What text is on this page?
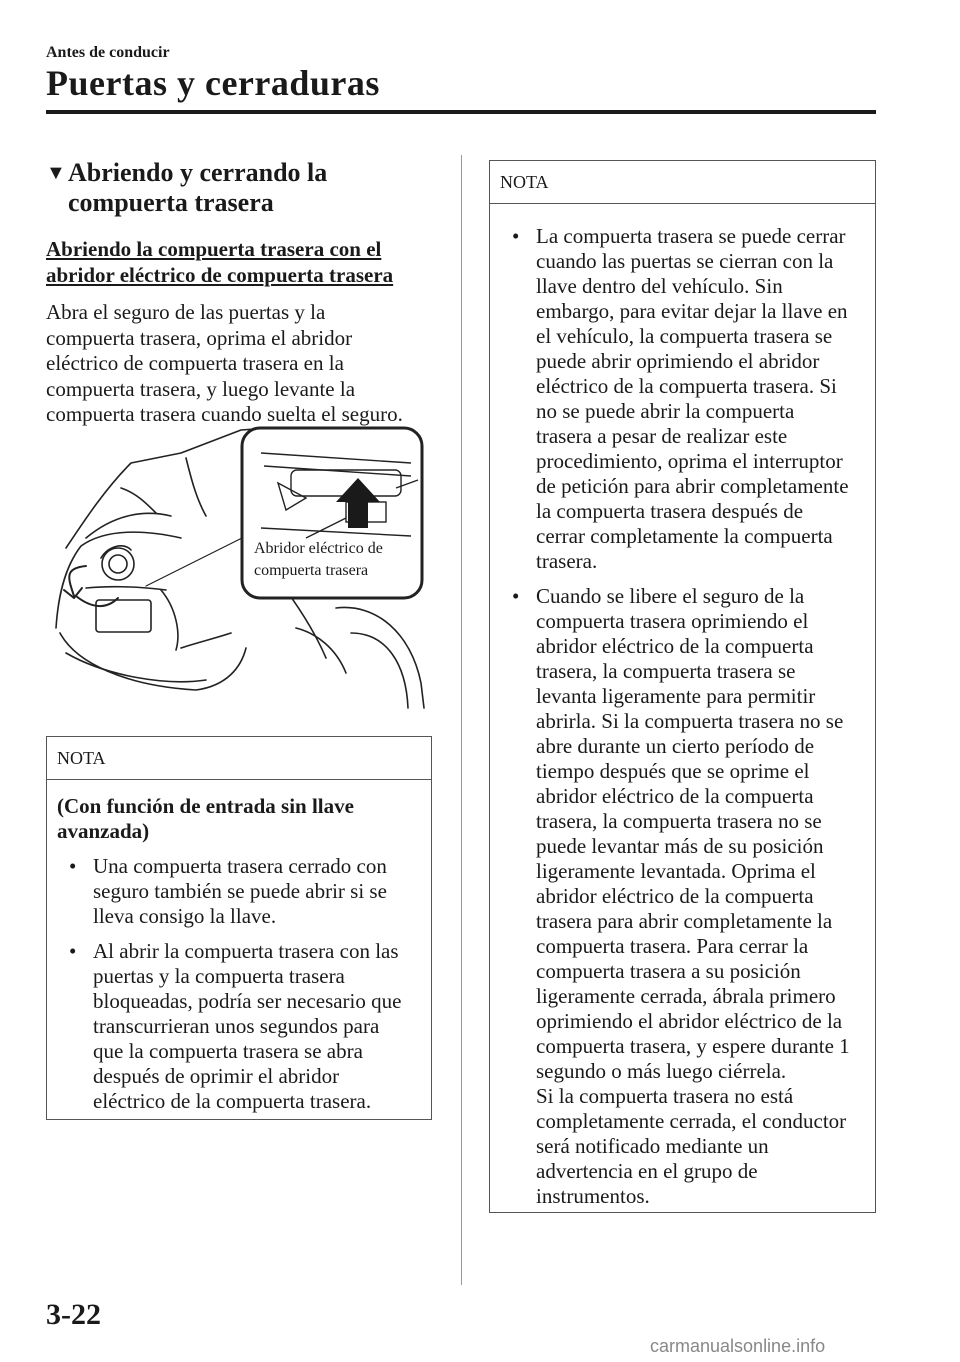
Antes de conducir
Puertas y cerraduras
▼ Abriendo y cerrando la
compuerta trasera
Abriendo la compuerta trasera con el
abridor eléctrico de compuerta trasera
Abra el seguro de las puertas y la
compuerta trasera, oprima el abridor
eléctrico de compuerta trasera en la
compuerta trasera, y luego levante la
compuerta trasera cuando suelta el seguro.
Abridor eléctrico de
compuerta trasera
NOTA
(Con función de entrada sin llave
avanzada)
• Una compuerta trasera cerrado con
seguro también se puede abrir si se
lleva consigo la llave.
• Al abrir la compuerta trasera con las
puertas y la compuerta trasera
bloqueadas, podría ser necesario que
transcurrieran unos segundos para
que la compuerta trasera se abra
después de oprimir el abridor
eléctrico de la compuerta trasera.
NOTA
• La compuerta trasera se puede cerrar
cuando las puertas se cierran con la
llave dentro del vehículo. Sin
embargo, para evitar dejar la llave en
el vehículo, la compuerta trasera se
puede abrir oprimiendo el abridor
eléctrico de la compuerta trasera. Si
no se puede abrir la compuerta
trasera a pesar de realizar este
procedimiento, oprima el interruptor
de petición para abrir completamente
la compuerta trasera después de
cerrar completamente la compuerta
trasera.
• Cuando se libere el seguro de la
compuerta trasera oprimiendo el
abridor eléctrico de la compuerta
trasera, la compuerta trasera se
levanta ligeramente para permitir
abrirla. Si la compuerta trasera no se
abre durante un cierto período de
tiempo después que se oprime el
abridor eléctrico de la compuerta
trasera, la compuerta trasera no se
puede levantar más de su posición
ligeramente levantada. Oprima el
abridor eléctrico de la compuerta
trasera para abrir completamente la
compuerta trasera. Para cerrar la
compuerta trasera a su posición
ligeramente cerrada, ábrala primero
oprimiendo el abridor eléctrico de la
compuerta trasera, y espere durante 1
segundo o más luego ciérrela.
Si la compuerta trasera no está
completamente cerrada, el conductor
será notificado mediante un
advertencia en el grupo de
instrumentos.
3-22
carmanualsonline.info
